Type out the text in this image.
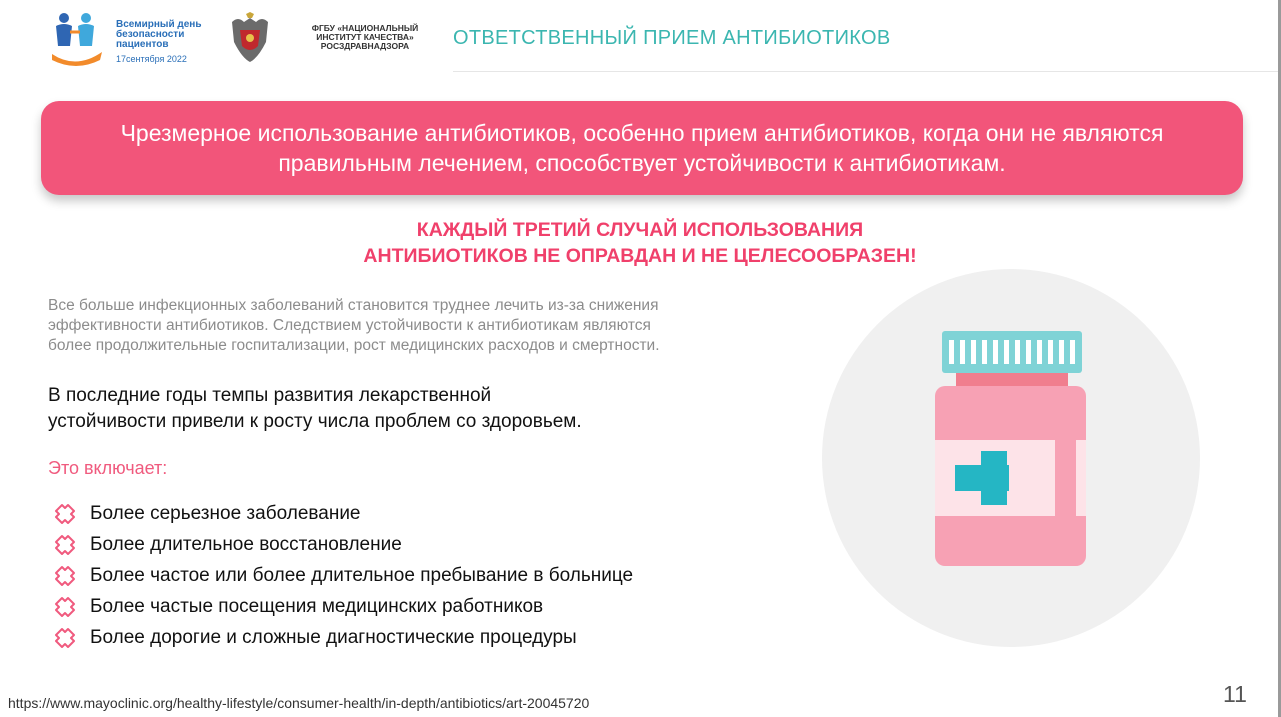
Всемирный день безопасности пациентов
17сентября 2022
ФГБУ «НАЦИОНАЛЬНЫЙ ИНСТИТУТ КАЧЕСТВА» РОСЗДРАВНАДЗОРА	ОТВЕТСТВЕННЫЙ ПРИЕМ АНТИБИОТИКОВ
Чрезмерное использование антибиотиков, особенно прием антибиотиков, когда они не являются
правильным лечением, способствует устойчивости к антибиотикам.
КАЖДЫЙ ТРЕТИЙ СЛУЧАЙ ИСПОЛЬЗОВАНИЯ
АНТИБИОТИКОВ НЕ ОПРАВДАН И НЕ ЦЕЛЕСООБРАЗЕН!
Все больше инфекционных заболеваний становится труднее лечить из-за снижения
эффективности антибиотиков. Следствием устойчивости к антибиотикам являются
более продолжительные госпитализации, рост медицинских расходов и смертности.
В последние годы темпы развития лекарственной
устойчивости привели к росту числа проблем со здоровьем.
Это включает:
Более серьезное заболевание
Более длительное восстановление
Более частое или более длительное пребывание в больнице
Более частые посещения медицинских работников
Более дорогие и сложные диагностические процедуры
https://www.mayoclinic.org/healthy-lifestyle/consumer-health/in-depth/antibiotics/art-20045720	11
